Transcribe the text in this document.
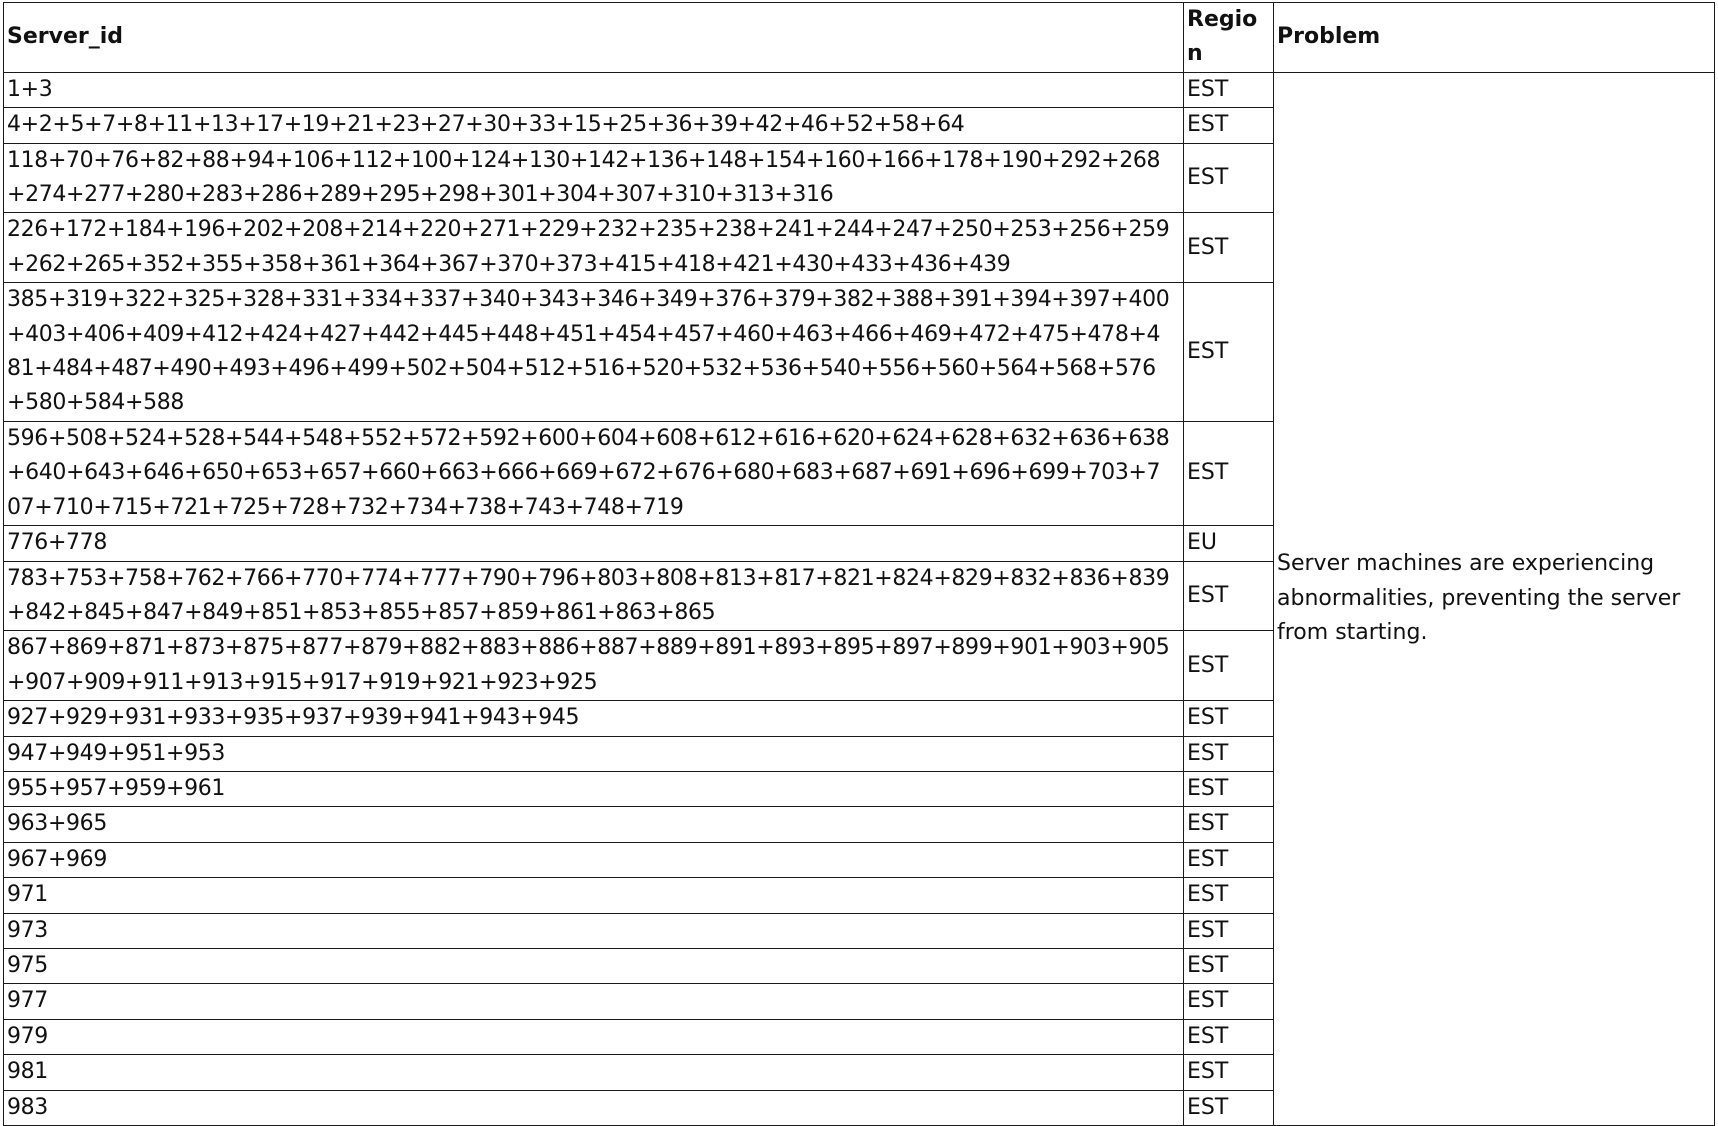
Server_id	Region	Problem
1+3	EST	Server machines are experiencing
abnormalities, preventing the server
from starting.
4+2+5+7+8+11+13+17+19+21+23+27+30+33+15+25+36+39+42+46+52+58+64	EST	
118+70+76+82+88+94+106+112+100+124+130+142+136+148+154+160+166+178+190+292+268
+274+277+280+283+286+289+295+298+301+304+307+310+313+316	EST	
226+172+184+196+202+208+214+220+271+229+232+235+238+241+244+247+250+253+256+259
+262+265+352+355+358+361+364+367+370+373+415+418+421+430+433+436+439	EST	
385+319+322+325+328+331+334+337+340+343+346+349+376+379+382+388+391+394+397+400
+403+406+409+412+424+427+442+445+448+451+454+457+460+463+466+469+472+475+478+4
81+484+487+490+493+496+499+502+504+512+516+520+532+536+540+556+560+564+568+576
+580+584+588	EST	
596+508+524+528+544+548+552+572+592+600+604+608+612+616+620+624+628+632+636+638
+640+643+646+650+653+657+660+663+666+669+672+676+680+683+687+691+696+699+703+7
07+710+715+721+725+728+732+734+738+743+748+719	EST	
776+778	EU	
783+753+758+762+766+770+774+777+790+796+803+808+813+817+821+824+829+832+836+839
+842+845+847+849+851+853+855+857+859+861+863+865	EST	
867+869+871+873+875+877+879+882+883+886+887+889+891+893+895+897+899+901+903+905
+907+909+911+913+915+917+919+921+923+925	EST	
927+929+931+933+935+937+939+941+943+945	EST	
947+949+951+953	EST	
955+957+959+961	EST	
963+965	EST	
967+969	EST	
971	EST	
973	EST	
975	EST	
977	EST	
979	EST	
981	EST	
983	EST	
